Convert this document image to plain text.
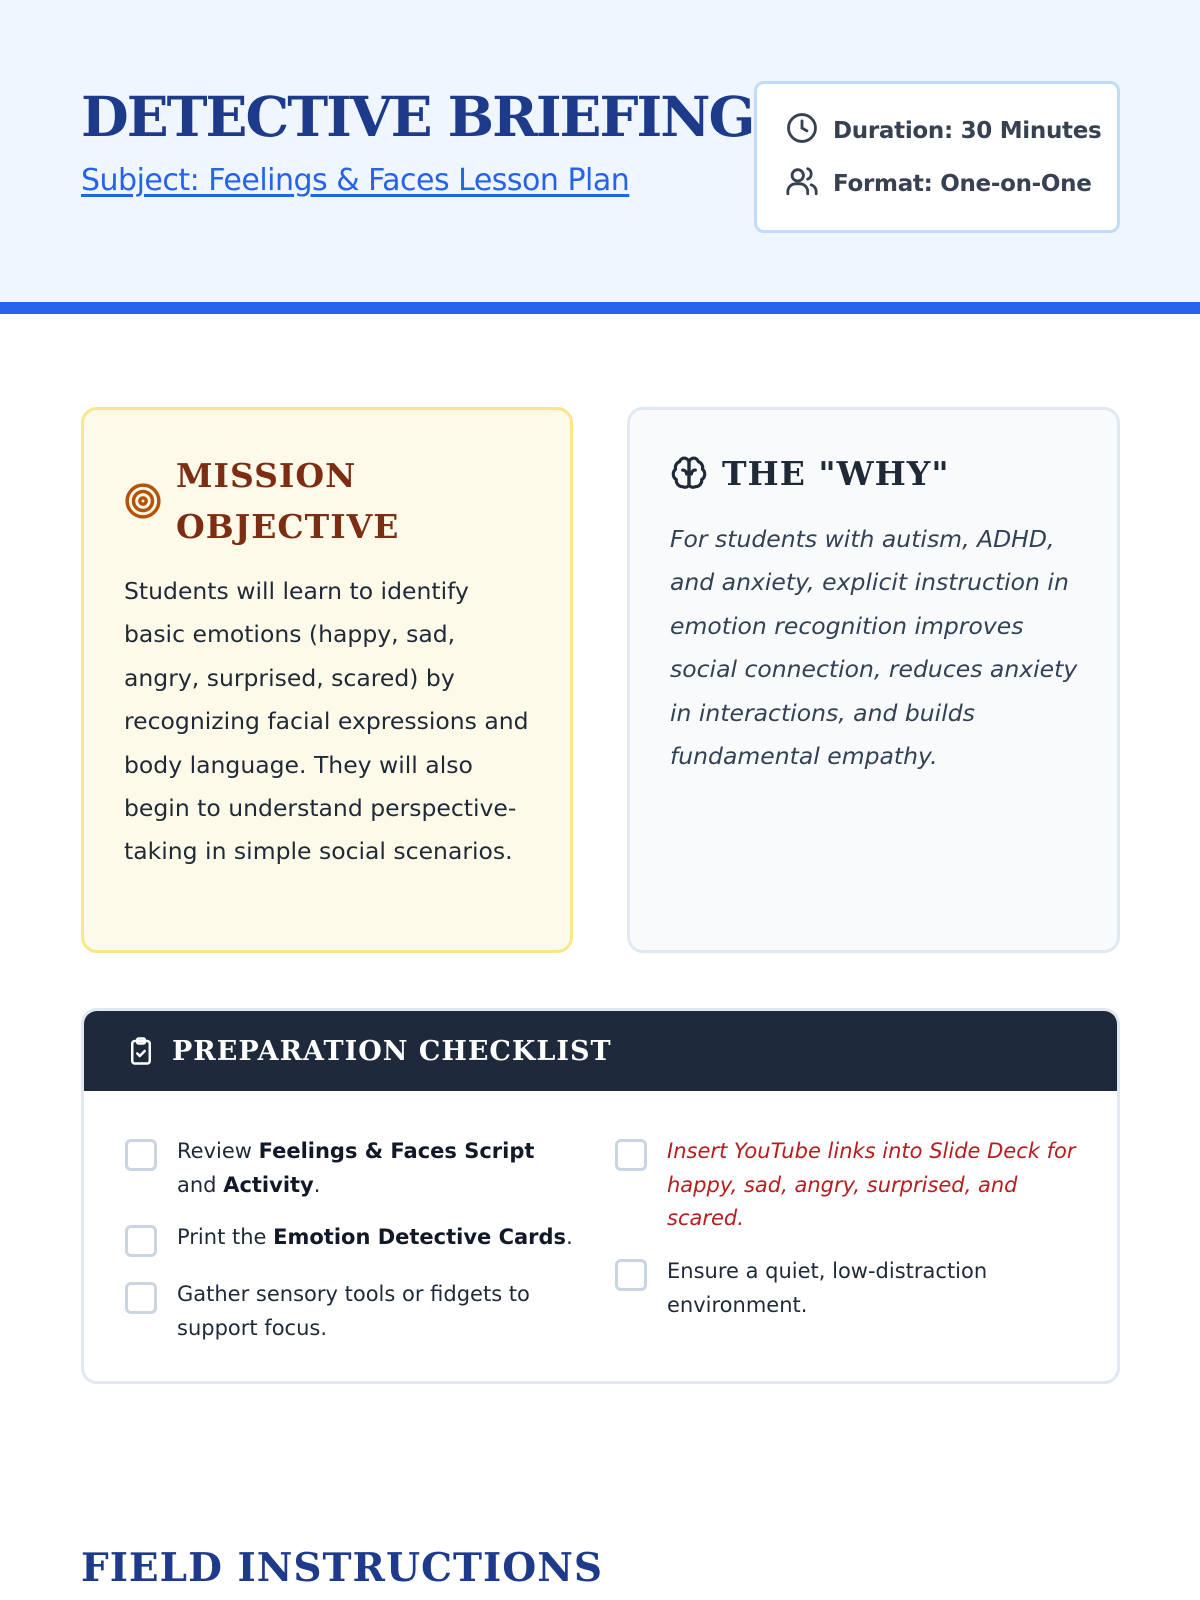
DETECTIVE BRIEFING
Subject: Feelings & Faces Lesson Plan
Duration: 30 Minutes
Format: One-on-One
MISSION OBJECTIVE
Students will learn to identify basic emotions (happy, sad, angry, surprised, scared) by recognizing facial expressions and body language. They will also begin to understand perspective-taking in simple social scenarios.
THE "WHY"
For students with autism, ADHD, and anxiety, explicit instruction in emotion recognition improves social connection, reduces anxiety in interactions, and builds fundamental empathy.
PREPARATION CHECKLIST
Review Feelings & Faces Script and Activity.
Print the Emotion Detective Cards.
Gather sensory tools or fidgets to support focus.
Insert YouTube links into Slide Deck for happy, sad, angry, surprised, and scared.
Ensure a quiet, low-distraction environment.
FIELD INSTRUCTIONS
